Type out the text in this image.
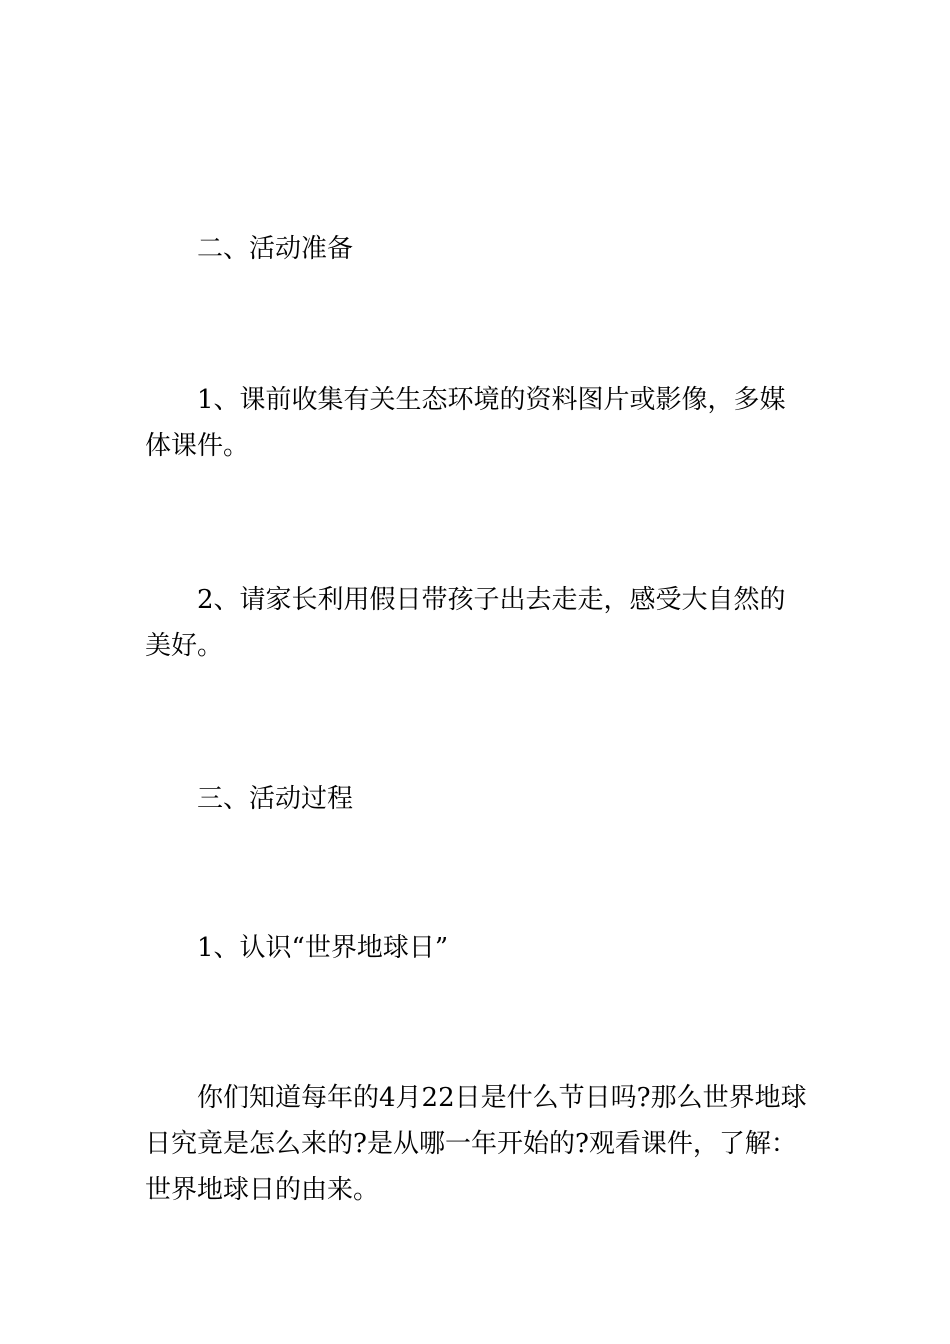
二、活动准备

1、课前收集有关生态环境的资料图片或影像，多媒体课件。

2、请家长利用假日带孩子出去走走，感受大自然的美好。

三、活动过程

1、认识“世界地球日”

你们知道每年的4月22日是什么节日吗?那么世界地球日究竟是怎么来的?是从哪一年开始的?观看课件，了解：世界地球日的由来。
